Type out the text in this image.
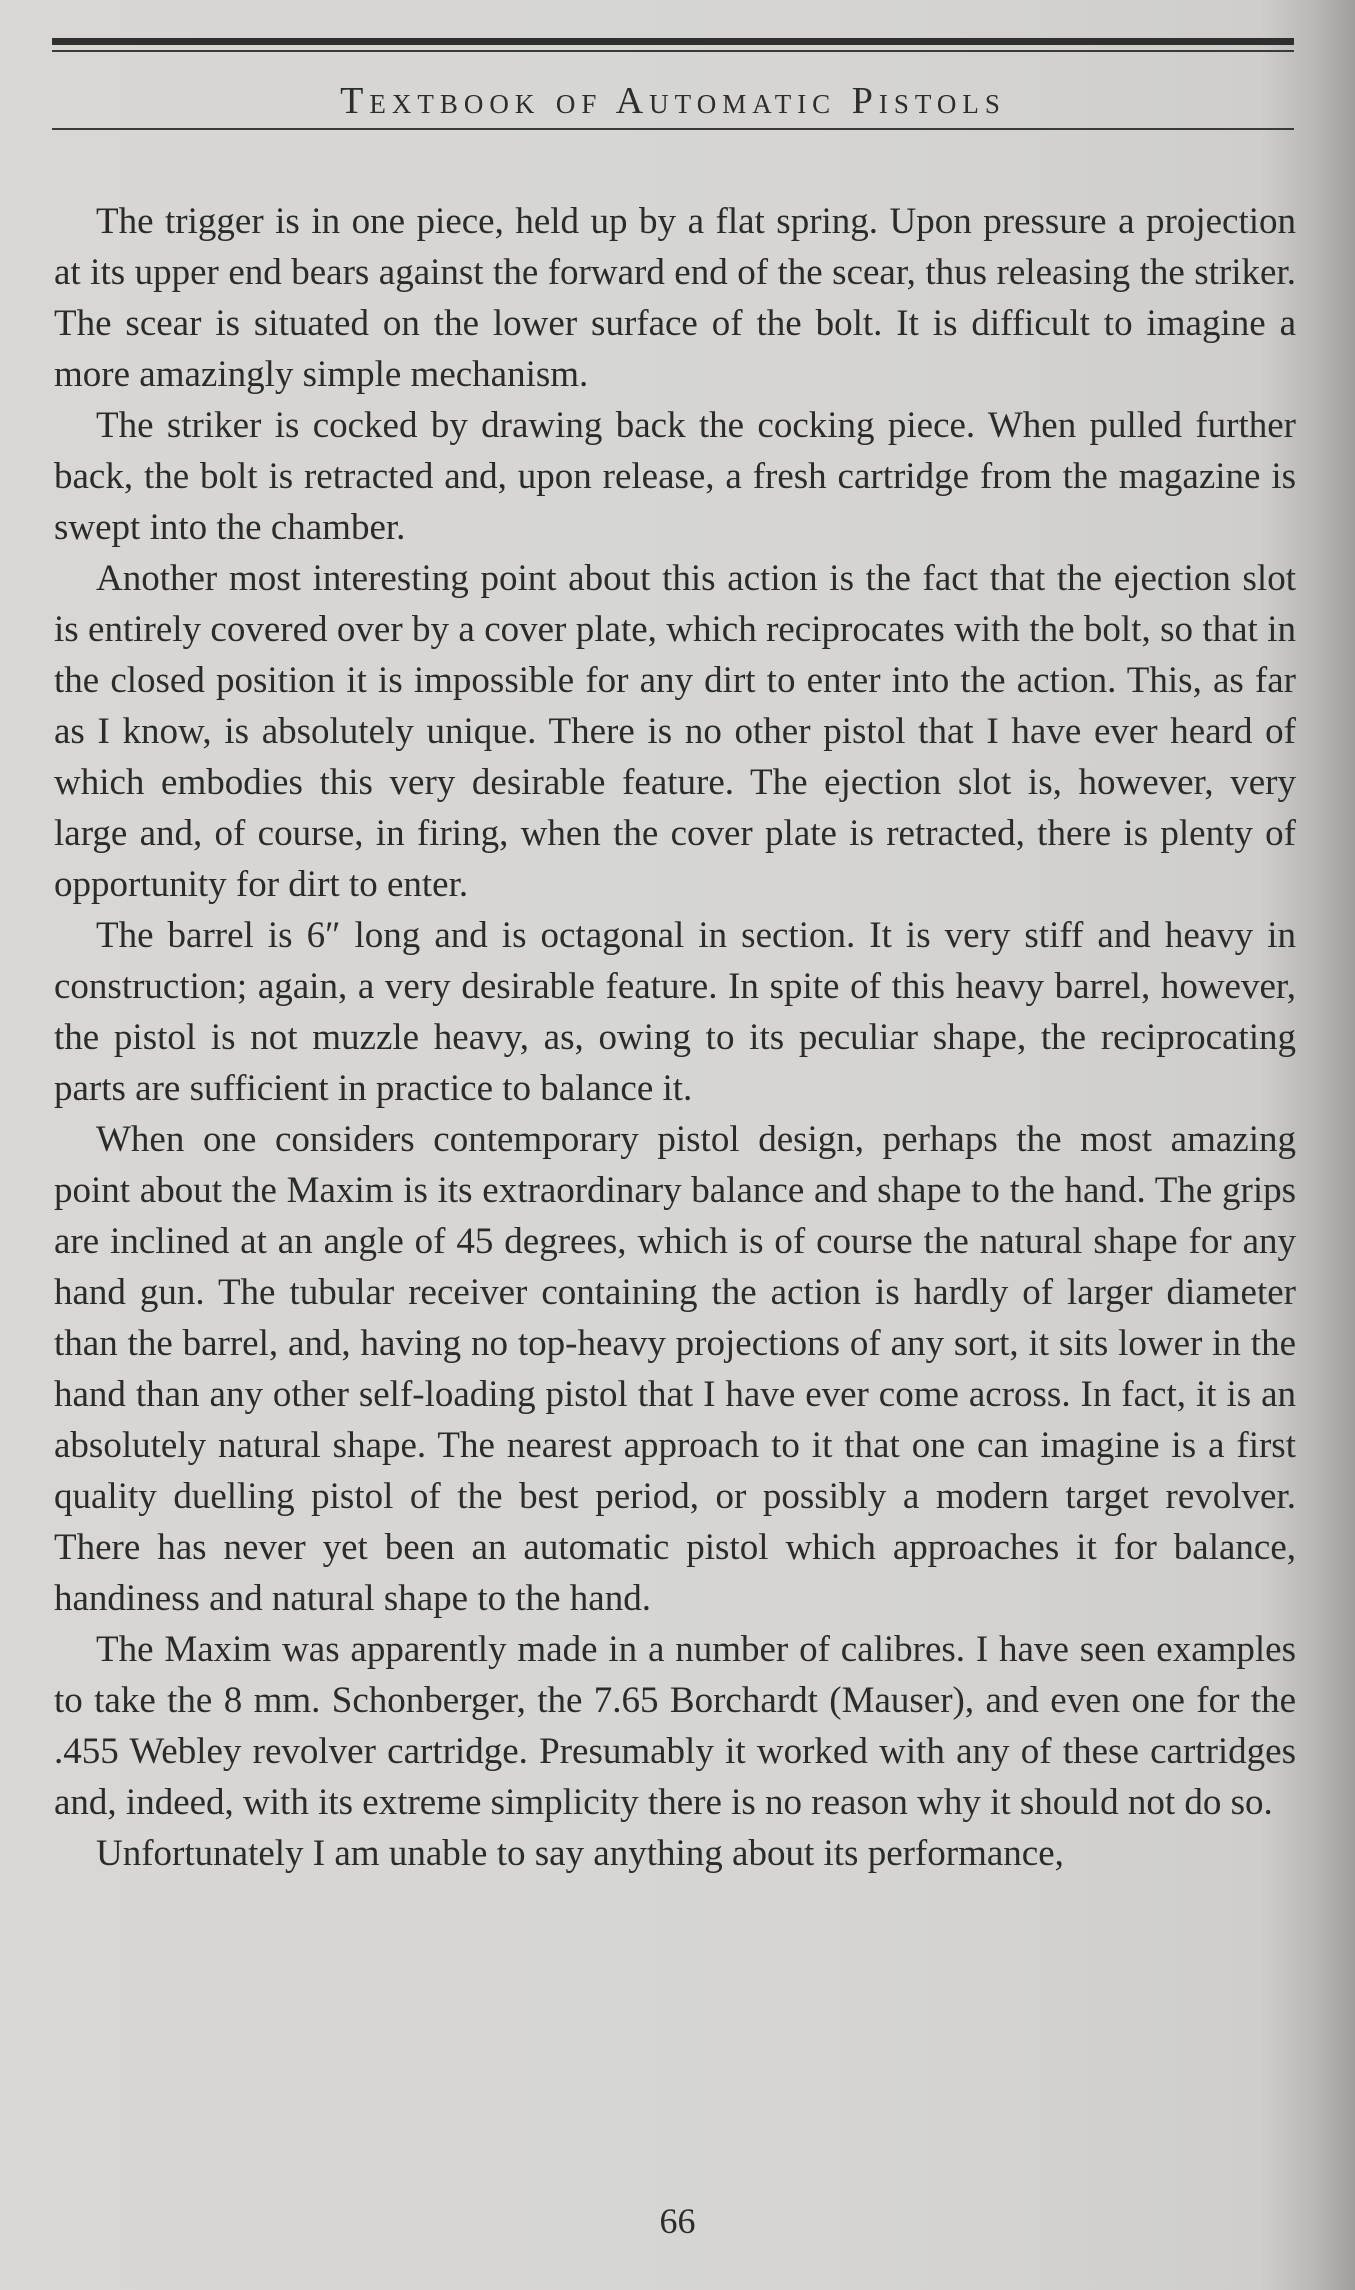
Textbook of Automatic Pistols

The trigger is in one piece, held up by a flat spring. Upon pressure a projection at its upper end bears against the forward end of the scear, thus releasing the striker. The scear is situated on the lower surface of the bolt. It is difficult to imagine a more amazingly simple mechanism.

The striker is cocked by drawing back the cocking piece. When pulled further back, the bolt is retracted and, upon release, a fresh cartridge from the magazine is swept into the chamber.

Another most interesting point about this action is the fact that the ejection slot is entirely covered over by a cover plate, which reciprocates with the bolt, so that in the closed position it is impossible for any dirt to enter into the action. This, as far as I know, is absolutely unique. There is no other pistol that I have ever heard of which embodies this very desirable feature. The ejection slot is, however, very large and, of course, in firing, when the cover plate is retracted, there is plenty of opportunity for dirt to enter.

The barrel is 6″ long and is octagonal in section. It is very stiff and heavy in construction; again, a very desirable feature. In spite of this heavy barrel, however, the pistol is not muzzle heavy, as, owing to its peculiar shape, the reciprocating parts are sufficient in practice to balance it.

When one considers contemporary pistol design, perhaps the most amazing point about the Maxim is its extraordinary balance and shape to the hand. The grips are inclined at an angle of 45 degrees, which is of course the natural shape for any hand gun. The tubular receiver containing the action is hardly of larger diameter than the barrel, and, having no top-heavy projections of any sort, it sits lower in the hand than any other self-loading pistol that I have ever come across. In fact, it is an absolutely natural shape. The nearest approach to it that one can imagine is a first quality duelling pistol of the best period, or possibly a modern target revolver. There has never yet been an automatic pistol which approaches it for balance, handiness and natural shape to the hand.

The Maxim was apparently made in a number of calibres. I have seen examples to take the 8 mm. Schonberger, the 7.65 Borchardt (Mauser), and even one for the .455 Webley revolver cartridge. Presumably it worked with any of these cartridges and, indeed, with its extreme simplicity there is no reason why it should not do so.

Unfortunately I am unable to say anything about its performance,

66
